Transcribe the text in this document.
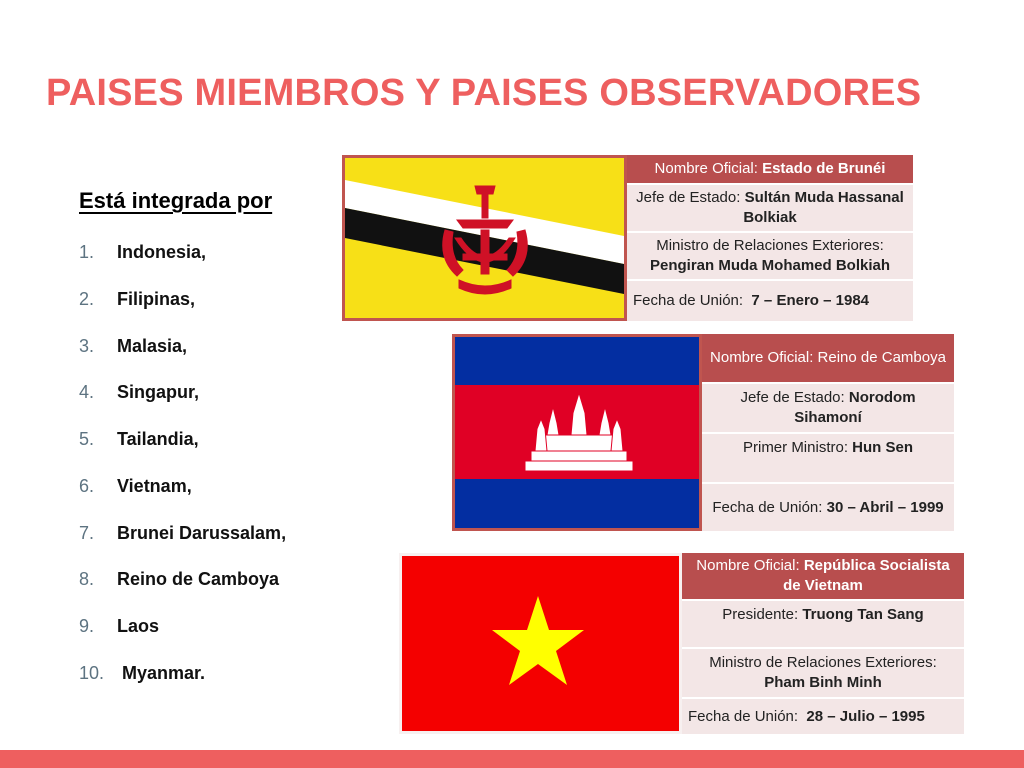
PAISES MIEMBROS Y PAISES OBSERVADORES
Está integrada por
1. Indonesia,
2. Filipinas,
3. Malasia,
4. Singapur,
5. Tailandia,
6. Vietnam,
7. Brunei Darussalam,
8. Reino de Camboya
9. Laos
10. Myanmar.
Nombre Oficial: Estado de Brunéi
Jefe de Estado: Sultán Muda Hassanal Bolkiak
Ministro de Relaciones Exteriores: Pengiran Muda Mohamed Bolkiah
Fecha de Unión: 7 – Enero – 1984
Nombre Oficial: Reino de Camboya
Jefe de Estado: Norodom Sihamoní
Primer Ministro: Hun Sen
Fecha de Unión: 30 – Abril – 1999
Nombre Oficial: República Socialista de Vietnam
Presidente: Truong Tan Sang
Ministro de Relaciones Exteriores: Pham Binh Minh
Fecha de Unión: 28 – Julio – 1995
